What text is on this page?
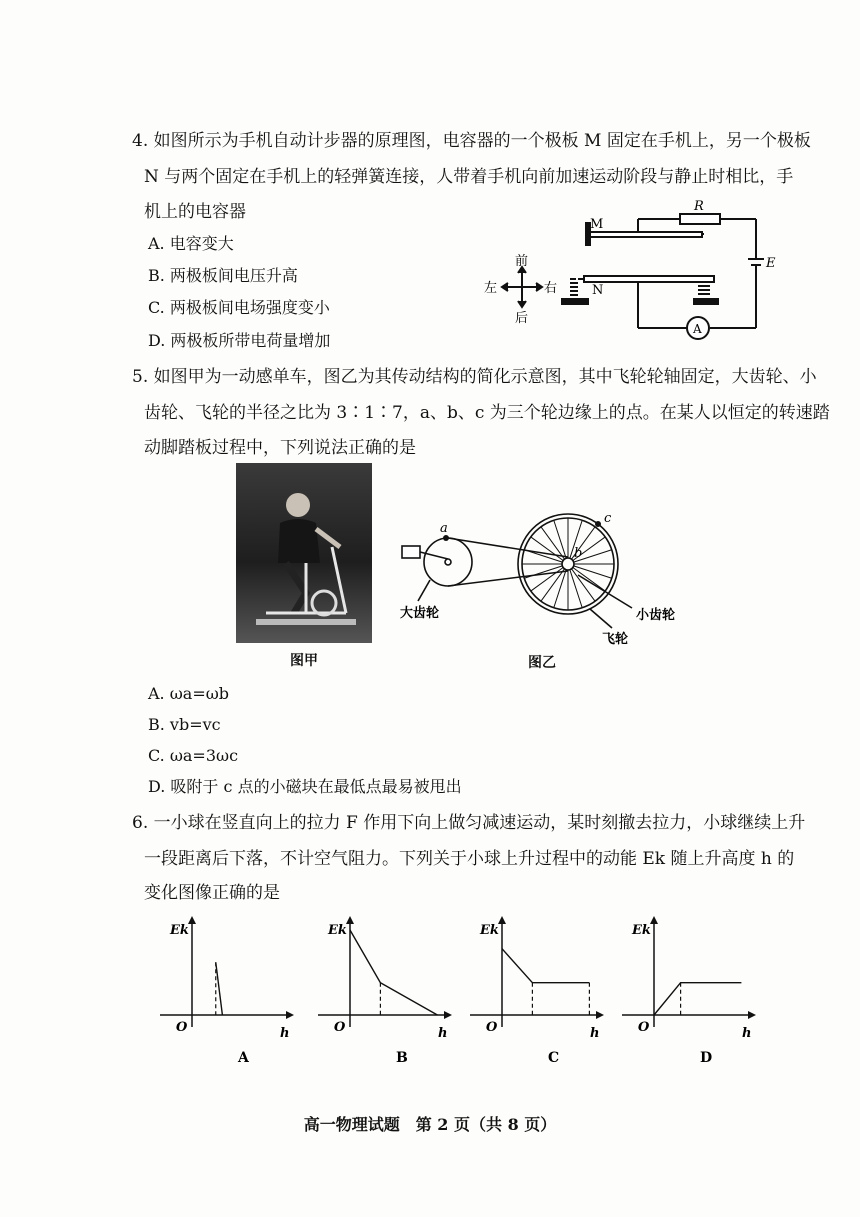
4. 如图所示为手机自动计步器的原理图，电容器的一个极板 M 固定在手机上，另一个极板
N 与两个固定在手机上的轻弹簧连接，人带着手机向前加速运动阶段与静止时相比，手
机上的电容器
A. 电容变大
B. 两极板间电压升高
C. 两极板间电场强度变小
D. 两极板所带电荷量增加
M
N
R
E
A
前
后
左	右
5. 如图甲为一动感单车，图乙为其传动结构的简化示意图，其中飞轮轮轴固定，大齿轮、小
齿轮、飞轮的半径之比为 3∶1∶7，a、b、c 为三个轮边缘上的点。在某人以恒定的转速踏
动脚踏板过程中，下列说法正确的是
图甲
a
b
c
大齿轮	小齿轮
飞轮
图乙
A. ωa=ωb
B. vb=vc
C. ωa=3ωc
D. 吸附于 c 点的小磁块在最低点最易被甩出
6. 一小球在竖直向上的拉力 F 作用下向上做匀减速运动，某时刻撤去拉力，小球继续上升
一段距离后下落，不计空气阻力。下列关于小球上升过程中的动能 Ek 随上升高度 h 的
变化图像正确的是
Ek
h
O
A
Ek
h
O
B
Ek
h
O
C
Ek
h
O
D
高一物理试题　第 2 页（共 8 页）
